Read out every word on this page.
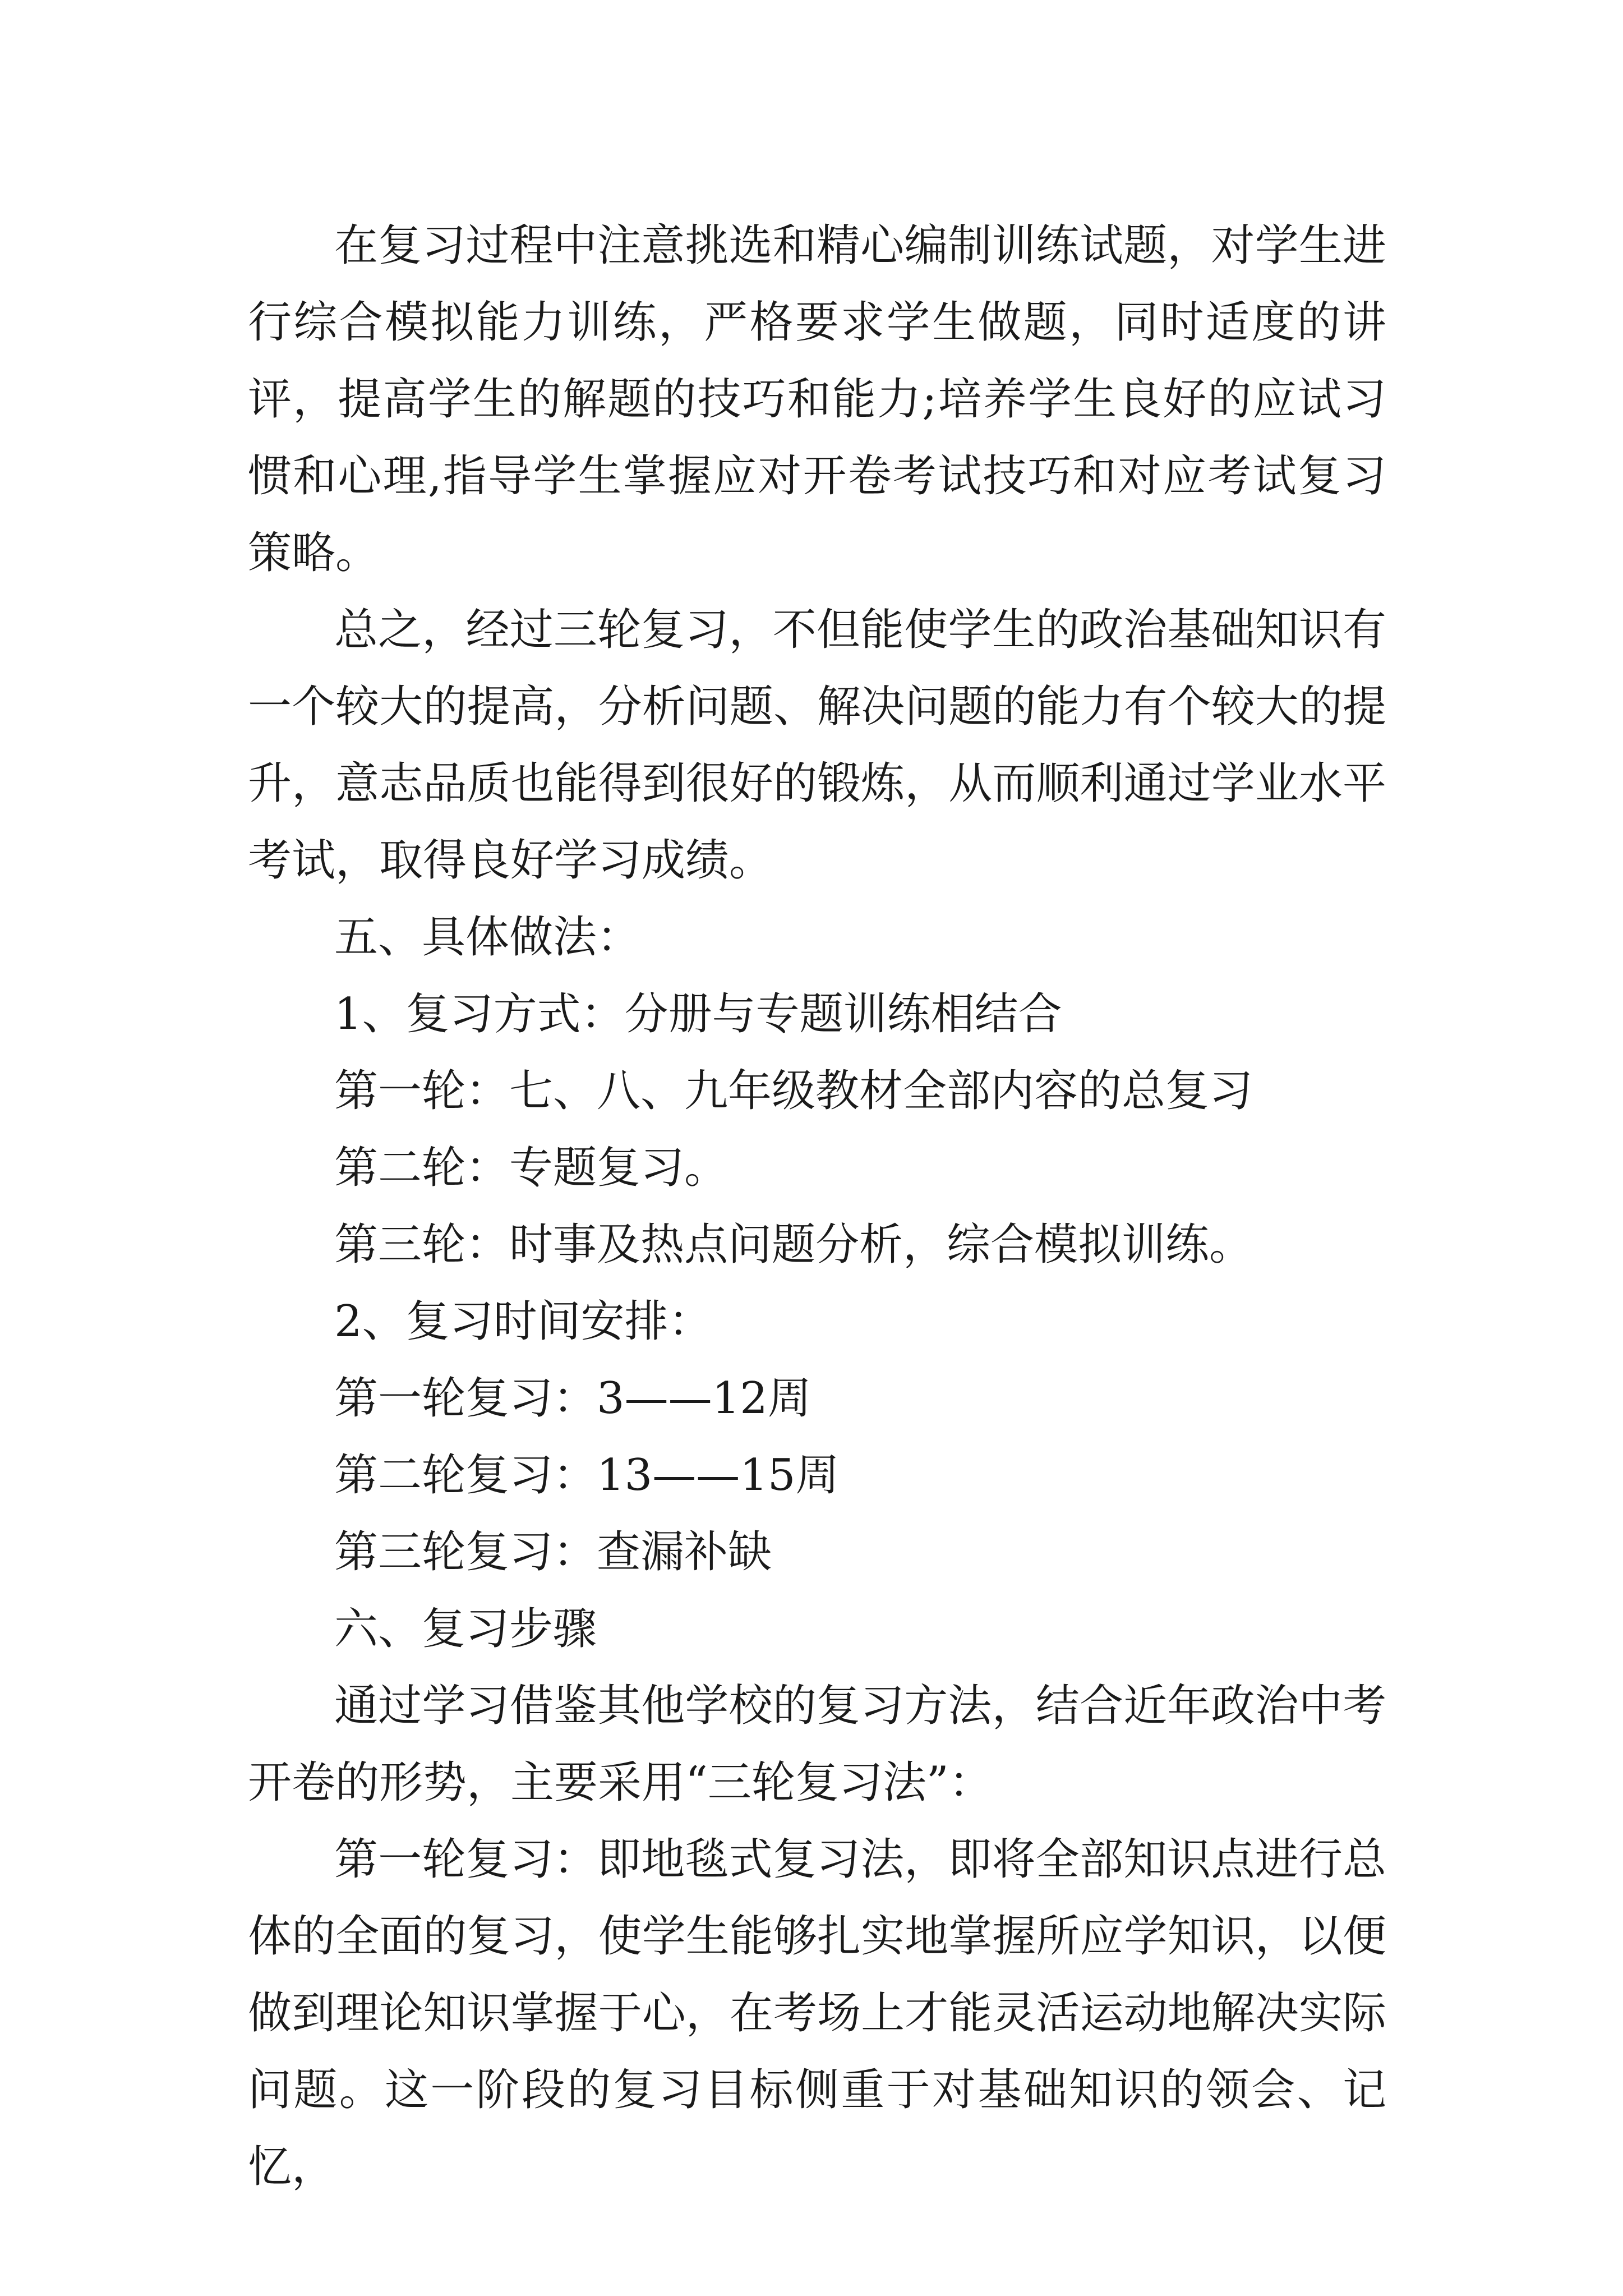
在复习过程中注意挑选和精心编制训练试题，对学生进行综合模拟能力训练，严格要求学生做题，同时适度的讲评，提高学生的解题的技巧和能力;培养学生良好的应试习惯和心理,指导学生掌握应对开卷考试技巧和对应考试复习策略。

总之，经过三轮复习，不但能使学生的政治基础知识有一个较大的提高，分析问题、解决问题的能力有个较大的提升，意志品质也能得到很好的锻炼，从而顺利通过学业水平考试，取得良好学习成绩。

五、具体做法：

1、复习方式：分册与专题训练相结合

第一轮：七、八、九年级教材全部内容的总复习

第二轮：专题复习。

第三轮：时事及热点问题分析，综合模拟训练。

2、复习时间安排：

第一轮复习：3——12周

第二轮复习：13——15周

第三轮复习：查漏补缺

六、复习步骤

通过学习借鉴其他学校的复习方法，结合近年政治中考开卷的形势，主要采用“三轮复习法”：

第一轮复习：即地毯式复习法，即将全部知识点进行总体的全面的复习，使学生能够扎实地掌握所应学知识，以便做到理论知识掌握于心，在考场上才能灵活运动地解决实际问题。这一阶段的复习目标侧重于对基础知识的领会、记忆，
